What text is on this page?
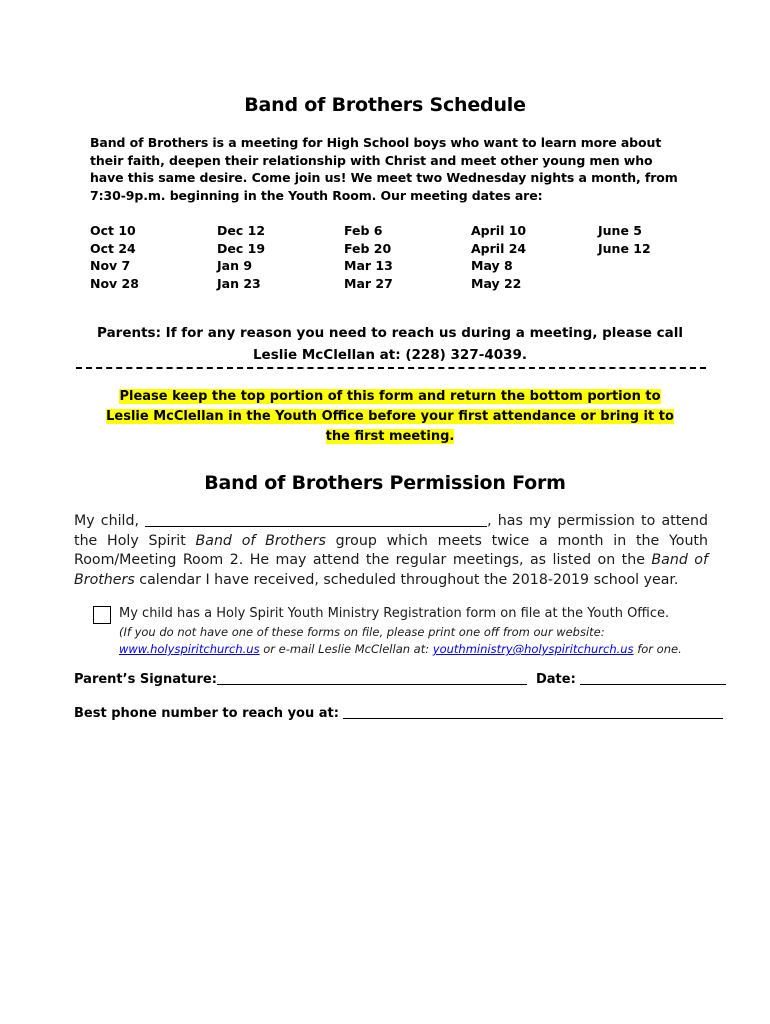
Band of Brothers Schedule
Band of Brothers is a meeting for High School boys who want to learn more about their faith, deepen their relationship with Christ and meet other young men who have this same desire. Come join us! We meet two Wednesday nights a month, from 7:30-9p.m. beginning in the Youth Room. Our meeting dates are:
Oct 10
Oct 24
Nov 7
Nov 28
Dec 12
Dec 19
Jan 9
Jan 23
Feb 6
Feb 20
Mar 13
Mar 27
April 10
April 24
May 8
May 22
June 5
June 12
Parents: If for any reason you need to reach us during a meeting, please call Leslie McClellan at: (228) 327-4039.
Please keep the top portion of this form and return the bottom portion to Leslie McClellan in the Youth Office before your first attendance or bring it to the first meeting.
Band of Brothers Permission Form
My child,	, has my permission to attend the Holy Spirit Band of Brothers group which meets twice a month in the Youth Room/Meeting Room 2. He may attend the regular meetings, as listed on the Band of Brothers calendar I have received, scheduled throughout the 2018-2019 school year.
My child has a Holy Spirit Youth Ministry Registration form on file at the Youth Office.
(If you do not have one of these forms on file, please print one off from our website:
www.holyspiritchurch.us or e-mail Leslie McClellan at: youthministry@holyspiritchurch.us for one.
Parent’s Signature:	Date:
Best phone number to reach you at:
